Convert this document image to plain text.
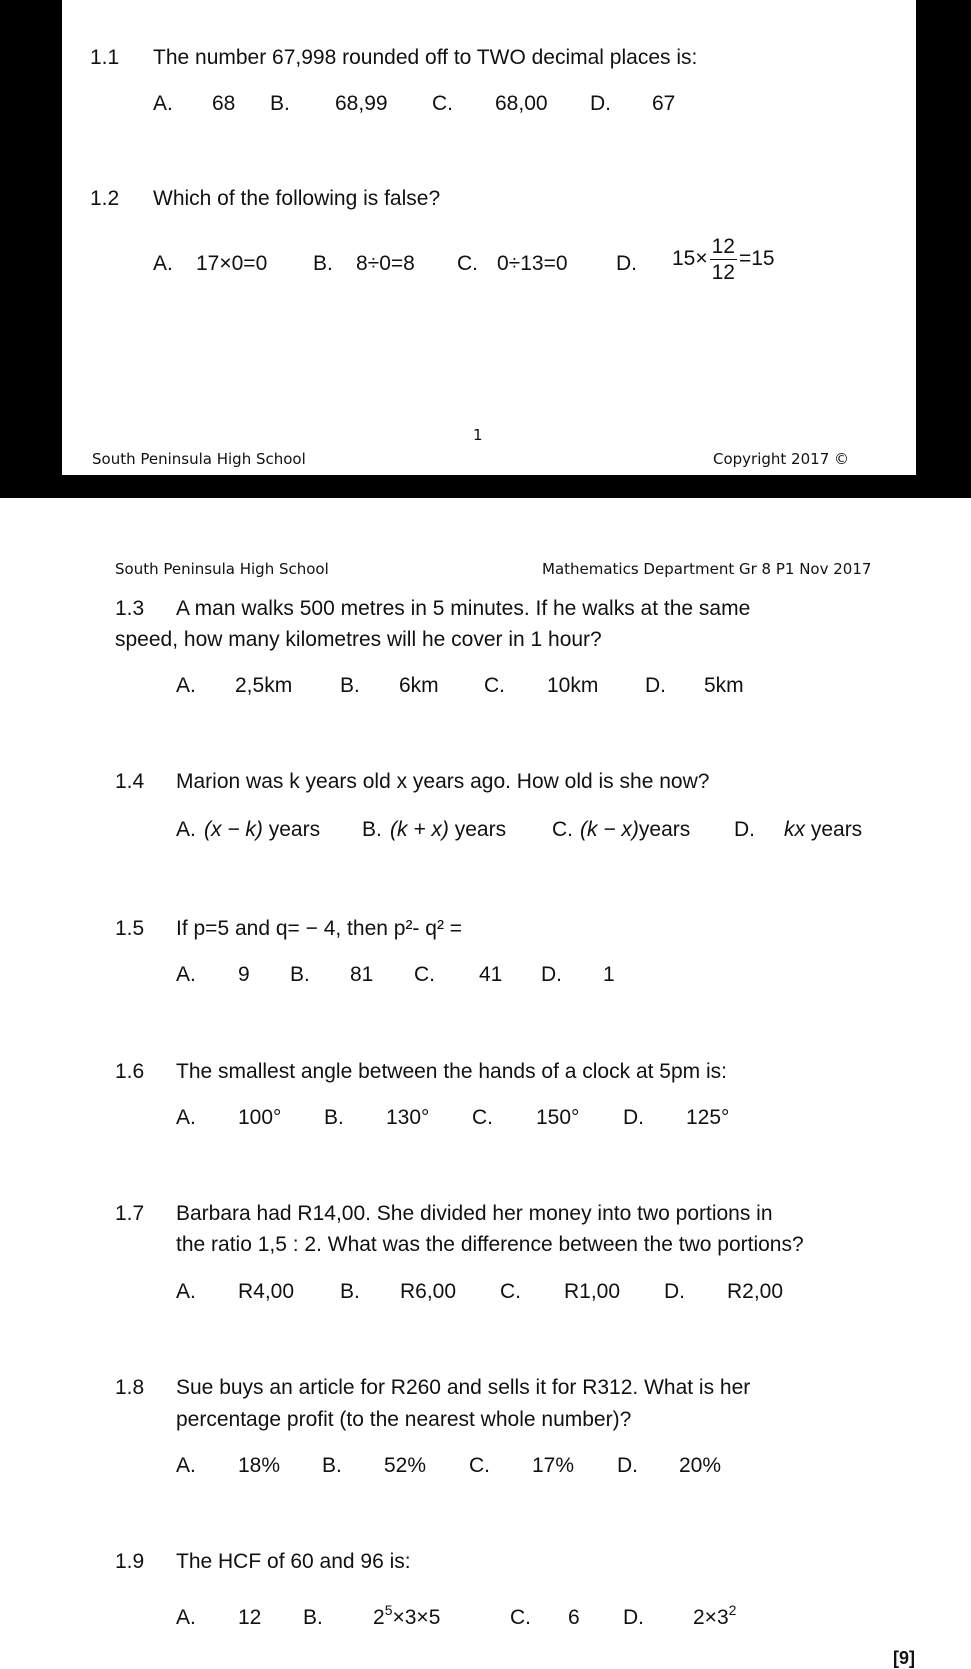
1.1 The number 67,998 rounded off to TWO decimal places is:
A. 68 B. 68,99 C. 68,00 D. 67
1.2 Which of the following is false?
A. 17×0=0 B. 8÷0=8 C. 0÷13=0 D. $15\times \frac{12}{12} =15$
1
South Peninsula High School	Copyright 2017 ©
South Peninsula High School	Mathematics Department Gr 8 P1 Nov 2017
1.3 A man walks 500 metres in 5 minutes. If he walks at the same
speed, how many kilometres will he cover in 1 hour?
A. 2,5km B. 6km C. 10km D. 5km
1.4 Marion was k years old x years ago. How old is she now?
A. (x − k) years B. (k + x) years C. (k − x)years D. kx years
1.5 If p=5 and q= − 4, then p²- q² =
A. 9 B. 81 C. 41 D. 1
1.6 The smallest angle between the hands of a clock at 5pm is:
A. 100° B. 130° C. 150° D. 125°
1.7 Barbara had R14,00. She divided her money into two portions in
the ratio 1,5 : 2. What was the difference between the two portions?
A. R4,00 B. R6,00 C. R1,00 D. R2,00
1.8 Sue buys an article for R260 and sells it for R312. What is her
percentage profit (to the nearest whole number)?
A. 18% B. 52% C. 17% D. 20%
1.9 The HCF of 60 and 96 is:
A. 12 B. $2^5\times 3\times 5$	C. 6 D. $2\times 3^2$
[9]
